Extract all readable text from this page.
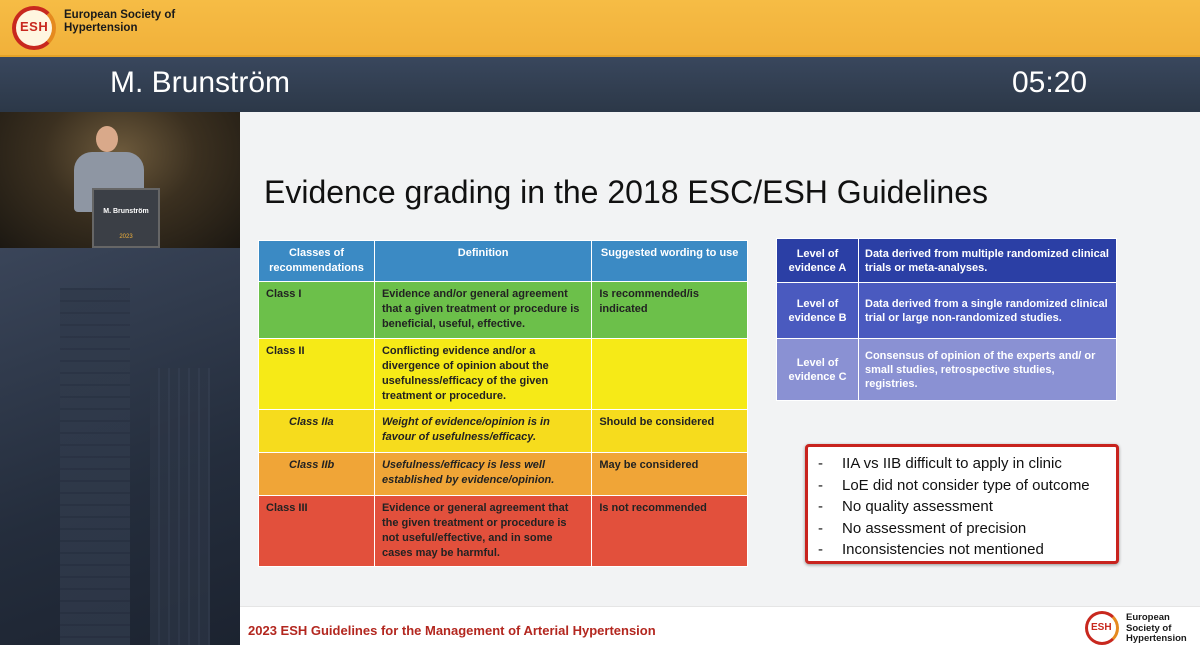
ESH
European Society of Hypertension
M. Brunström	05:20
M. Brunström
2023
Evidence grading in the 2018 ESC/ESH Guidelines
Classes of recommendations	Definition	Suggested wording to use
Class I	Evidence and/or general agreement that a given treatment or procedure is beneficial, useful, effective.	Is recommended/is indicated
Class II	Conflicting evidence and/or a divergence of opinion about the usefulness/efficacy of the given treatment or procedure.	
Class IIa	Weight of evidence/opinion is in favour of usefulness/efficacy.	Should be considered
Class IIb	Usefulness/efficacy is less well established by evidence/opinion.	May be considered
Class III	Evidence or general agreement that the given treatment or procedure is not useful/effective, and in some cases may be harmful.	Is not recommended
Level of evidence A	Data derived from multiple randomized clinical trials or meta-analyses.
Level of evidence B	Data derived from a single randomized clinical trial or large non-randomized studies.
Level of evidence C	Consensus of opinion of the experts and/ or small studies, retrospective studies, registries.
- IIA vs IIB difficult to apply in clinic
- LoE did not consider type of outcome
- No quality assessment
- No assessment of precision
- Inconsistencies not mentioned
2023 ESH Guidelines for the Management of Arterial Hypertension	ESH
European Society of Hypertension
